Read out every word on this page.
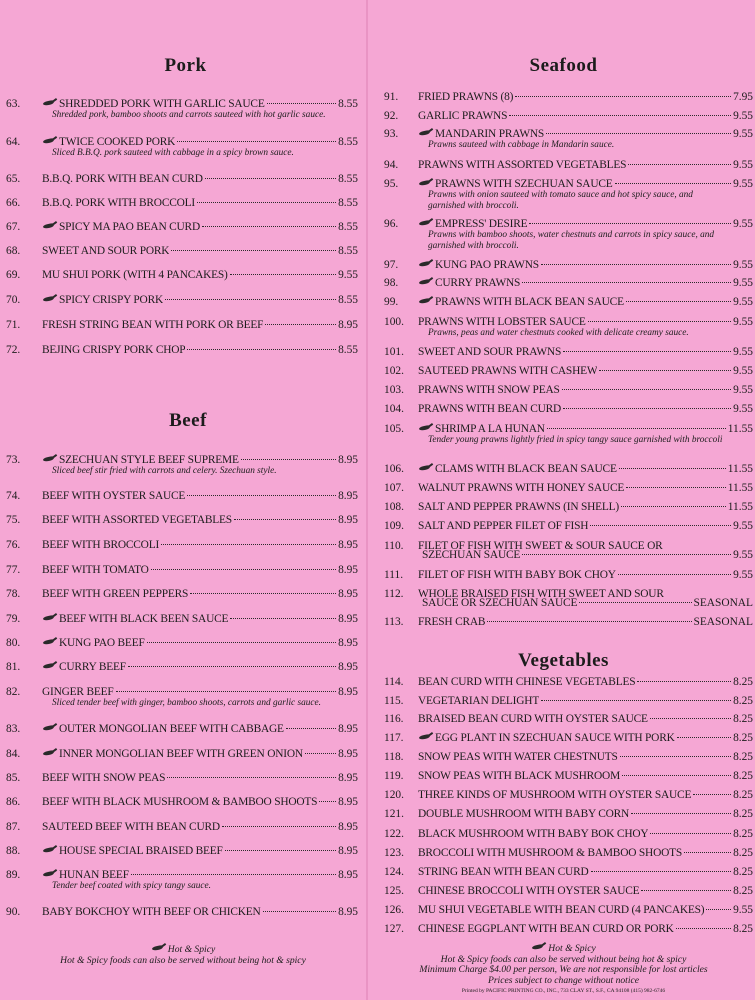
Pork
63.	SHREDDED PORK WITH GARLIC SAUCE	8.55
Shredded pork, bamboo shoots and carrots sauteed with hot garlic sauce.
64.	TWICE COOKED PORK	8.55
Sliced B.B.Q. pork sauteed with cabbage in a spicy brown sauce.
65.	B.B.Q. PORK WITH BEAN CURD	8.55
66.	B.B.Q. PORK WITH BROCCOLI	8.55
67.	SPICY MA PAO BEAN CURD	8.55
68.	SWEET AND SOUR PORK	8.55
69.	MU SHUI PORK (WITH 4 PANCAKES)	9.55
70.	SPICY CRISPY PORK	8.55
71.	FRESH STRING BEAN WITH PORK OR BEEF	8.95
72.	BEJING CRISPY PORK CHOP	8.55
Beef
73.	SZECHUAN STYLE BEEF SUPREME	8.95
Sliced beef stir fried with carrots and celery. Szechuan style.
74.	BEEF WITH OYSTER SAUCE	8.95
75.	BEEF WITH ASSORTED VEGETABLES	8.95
76.	BEEF WITH BROCCOLI	8.95
77.	BEEF WITH TOMATO	8.95
78.	BEEF WITH GREEN PEPPERS	8.95
79.	BEEF WITH BLACK BEEN SAUCE	8.95
80.	KUNG PAO BEEF	8.95
81.	CURRY BEEF	8.95
82.	GINGER BEEF	8.95
Sliced tender beef with ginger, bamboo shoots, carrots and garlic sauce.
83.	OUTER MONGOLIAN BEEF WITH CABBAGE	8.95
84.	INNER MONGOLIAN BEEF WITH GREEN ONION	8.95
85.	BEEF WITH SNOW PEAS	8.95
86.	BEEF WITH BLACK MUSHROOM & BAMBOO SHOOTS 8.95
87.	SAUTEED BEEF WITH BEAN CURD	8.95
88.	HOUSE SPECIAL BRAISED BEEF	8.95
89.	HUNAN BEEF	8.95
Tender beef coated with spicy tangy sauce.
90.	BABY BOKCHOY WITH BEEF OR CHICKEN	8.95
Hot & Spicy
Hot & Spicy foods can also be served without being hot & spicy
Seafood
91.	FRIED PRAWNS (8)	7.95
92.	GARLIC PRAWNS	9.55
93.	MANDARIN PRAWNS	9.55
Prawns sauteed with cabbage in Mandarin sauce.
94.	PRAWNS WITH ASSORTED VEGETABLES	9.55
95.	PRAWNS WITH SZECHUAN SAUCE	9.55
Prawns with onion sauteed with tomato sauce and hot spicy sauce, and garnished with broccoli.
96.	EMPRESS' DESIRE	9.55
Prawns with bamboo shoots, water chestnuts and carrots in spicy sauce, and garnished with broccoli.
97.	KUNG PAO PRAWNS	9.55
98.	CURRY PRAWNS	9.55
99.	PRAWNS WITH BLACK BEAN SAUCE	9.55
100.	PRAWNS WITH LOBSTER SAUCE	9.55
Prawns, peas and water chestnuts cooked with delicate creamy sauce.
101.	SWEET AND SOUR PRAWNS	9.55
102.	SAUTEED PRAWNS WITH CASHEW	9.55
103.	PRAWNS WITH SNOW PEAS	9.55
104.	PRAWNS WITH BEAN CURD	9.55
105.	SHRIMP A LA HUNAN	11.55
Tender young prawns lightly fried in spicy tangy sauce garnished with broccoli
106.	CLAMS WITH BLACK BEAN SAUCE	11.55
107.	WALNUT PRAWNS WITH HONEY SAUCE	11.55
108.	SALT AND PEPPER PRAWNS (IN SHELL)	11.55
109.	SALT AND PEPPER FILET OF FISH	9.55
110.	FILET OF FISH WITH SWEET & SOUR SAUCE OR
SZECHUAN SAUCE	9.55
111.	FILET OF FISH WITH BABY BOK CHOY	9.55
112.	WHOLE BRAISED FISH WITH SWEET AND SOUR
SAUCE OR SZECHUAN SAUCE	SEASONAL
113.	FRESH CRAB	SEASONAL
Vegetables
114.	BEAN CURD WITH CHINESE VEGETABLES	8.25
115.	VEGETARIAN DELIGHT	8.25
116.	BRAISED BEAN CURD WITH OYSTER SAUCE	8.25
117.	EGG PLANT IN SZECHUAN SAUCE WITH PORK	8.25
118.	SNOW PEAS WITH WATER CHESTNUTS	8.25
119.	SNOW PEAS WITH BLACK MUSHROOM	8.25
120.	THREE KINDS OF MUSHROOM WITH OYSTER SAUCE	8.25
121.	DOUBLE MUSHROOM WITH BABY CORN	8.25
122.	BLACK MUSHROOM WITH BABY BOK CHOY	8.25
123.	BROCCOLI WITH MUSHROOM & BAMBOO SHOOTS	8.25
124.	STRING BEAN WITH BEAN CURD	8.25
125.	CHINESE BROCCOLI WITH OYSTER SAUCE	8.25
126.	MU SHUI VEGETABLE WITH BEAN CURD (4 PANCAKES)	9.55
127.	CHINESE EGGPLANT WITH BEAN CURD OR PORK	8.25
Hot & Spicy
Hot & Spicy foods can also be served without being hot & spicy
Minimum Charge $4.00 per person, We are not responsible for lost articles
Prices subject to change without notice
Printed by PACIFIC PRINTING CO., INC., 733 CLAY ST., S.F., CA 94108 (415) 982-6746
